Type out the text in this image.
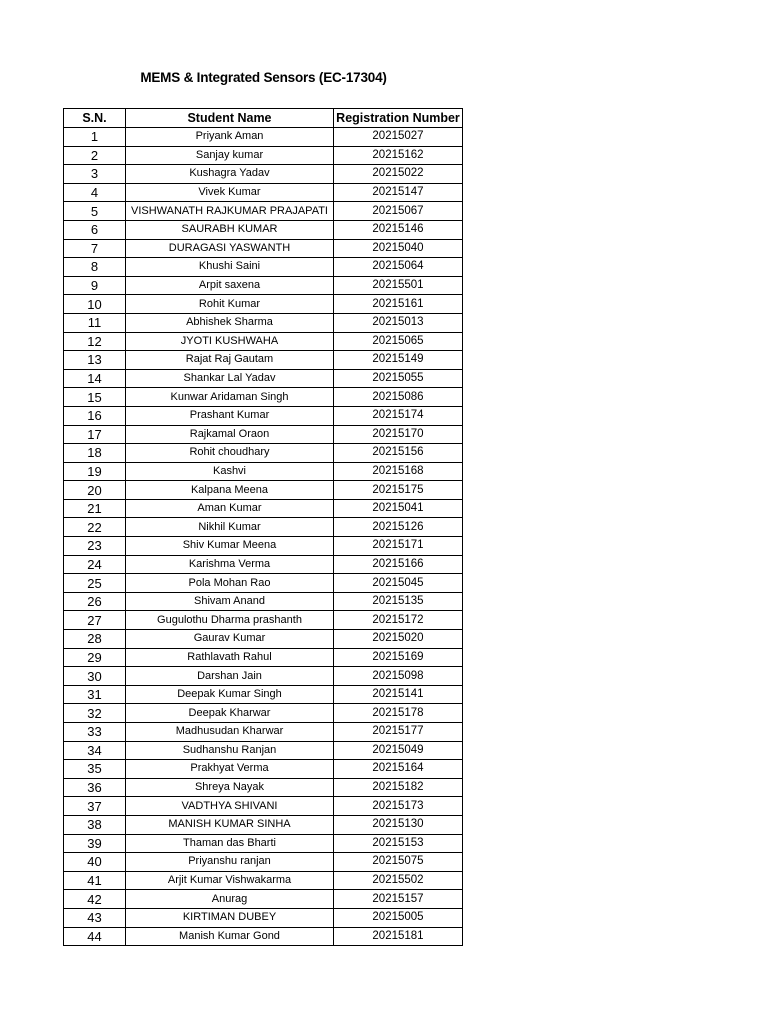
MEMS & Integrated Sensors (EC-17304)
S.N.	Student Name	Registration Number
1	Priyank Aman	20215027
2	Sanjay kumar	20215162
3	Kushagra Yadav	20215022
4	Vivek Kumar	20215147
5	VISHWANATH RAJKUMAR PRAJAPATI	20215067
6	SAURABH KUMAR	20215146
7	DURAGASI YASWANTH	20215040
8	Khushi Saini	20215064
9	Arpit saxena	20215501
10	Rohit Kumar	20215161
11	Abhishek Sharma	20215013
12	JYOTI KUSHWAHA	20215065
13	Rajat Raj Gautam	20215149
14	Shankar Lal Yadav	20215055
15	Kunwar Aridaman Singh	20215086
16	Prashant Kumar	20215174
17	Rajkamal Oraon	20215170
18	Rohit choudhary	20215156
19	Kashvi	20215168
20	Kalpana Meena	20215175
21	Aman Kumar	20215041
22	Nikhil Kumar	20215126
23	Shiv Kumar Meena	20215171
24	Karishma Verma	20215166
25	Pola Mohan Rao	20215045
26	Shivam Anand	20215135
27	Gugulothu Dharma prashanth	20215172
28	Gaurav Kumar	20215020
29	Rathlavath Rahul	20215169
30	Darshan Jain	20215098
31	Deepak Kumar Singh	20215141
32	Deepak Kharwar	20215178
33	Madhusudan Kharwar	20215177
34	Sudhanshu Ranjan	20215049
35	Prakhyat Verma	20215164
36	Shreya Nayak	20215182
37	VADTHYA SHIVANI	20215173
38	MANISH KUMAR SINHA	20215130
39	Thaman das Bharti	20215153
40	Priyanshu ranjan	20215075
41	Arjit Kumar Vishwakarma	20215502
42	Anurag	20215157
43	KIRTIMAN DUBEY	20215005
44	Manish Kumar Gond	20215181
